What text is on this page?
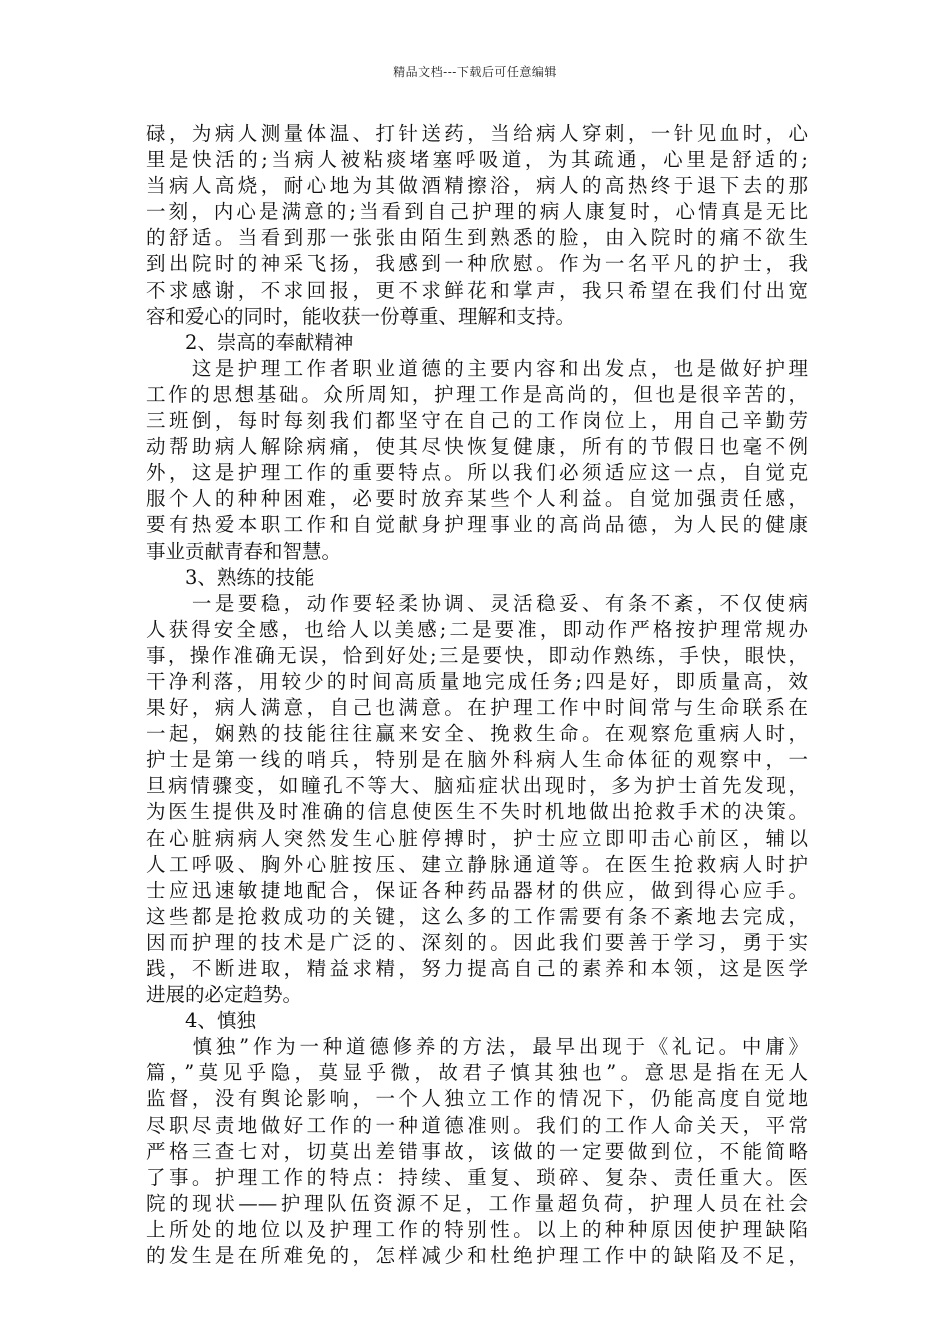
精品文档---下载后可任意编辑
碌，为病人测量体温、打针送药，当给病人穿刺，一针见血时，心
里是快活的;当病人被粘痰堵塞呼吸道，为其疏通，心里是舒适的;
当病人高烧，耐心地为其做酒精擦浴，病人的高热终于退下去的那
一刻，内心是满意的;当看到自己护理的病人康复时，心情真是无比
的舒适。当看到那一张张由陌生到熟悉的脸，由入院时的痛不欲生
到出院时的神采飞扬，我感到一种欣慰。作为一名平凡的护士，我
不求感谢，不求回报，更不求鲜花和掌声，我只希望在我们付出宽
容和爱心的同时，能收获一份尊重、理解和支持。
　　2、崇高的奉献精神
　　这是护理工作者职业道德的主要内容和出发点，也是做好护理
工作的思想基础。众所周知，护理工作是高尚的，但也是很辛苦的，
三班倒，每时每刻我们都坚守在自己的工作岗位上，用自己辛勤劳
动帮助病人解除病痛，使其尽快恢复健康，所有的节假日也毫不例
外，这是护理工作的重要特点。所以我们必须适应这一点，自觉克
服个人的种种困难，必要时放弃某些个人利益。自觉加强责任感，
要有热爱本职工作和自觉献身护理事业的高尚品德，为人民的健康
事业贡献青春和智慧。
　　3、熟练的技能
　　一是要稳，动作要轻柔协调、灵活稳妥、有条不紊，不仅使病
人获得安全感，也给人以美感;二是要准，即动作严格按护理常规办
事，操作准确无误，恰到好处;三是要快，即动作熟练，手快，眼快，
干净利落，用较少的时间高质量地完成任务;四是好，即质量高，效
果好，病人满意，自己也满意。在护理工作中时间常与生命联系在
一起，娴熟的技能往往赢来安全、挽救生命。在观察危重病人时，
护士是第一线的哨兵，特别是在脑外科病人生命体征的观察中，一
旦病情骤变，如瞳孔不等大、脑疝症状出现时，多为护士首先发现，
为医生提供及时准确的信息使医生不失时机地做出抢救手术的决策。
在心脏病病人突然发生心脏停搏时，护士应立即叩击心前区，辅以
人工呼吸、胸外心脏按压、建立静脉通道等。在医生抢救病人时护
士应迅速敏捷地配合，保证各种药品器材的供应，做到得心应手。
这些都是抢救成功的关键，这么多的工作需要有条不紊地去完成，
因而护理的技术是广泛的、深刻的。因此我们要善于学习，勇于实
践，不断进取，精益求精，努力提高自己的素养和本领，这是医学
进展的必定趋势。
　　4、慎独
　　慎独”作为一种道德修养的方法，最早出现于《礼记。中庸》
篇，”莫见乎隐，莫显乎微，故君子慎其独也”。意思是指在无人
监督，没有舆论影响，一个人独立工作的情况下，仍能高度自觉地
尽职尽责地做好工作的一种道德准则。我们的工作人命关天，平常
严格三查七对，切莫出差错事故，该做的一定要做到位，不能简略
了事。护理工作的特点：持续、重复、琐碎、复杂、责任重大。医
院的现状——护理队伍资源不足，工作量超负荷，护理人员在社会
上所处的地位以及护理工作的特别性。以上的种种原因使护理缺陷
的发生是在所难免的，怎样减少和杜绝护理工作中的缺陷及不足，
